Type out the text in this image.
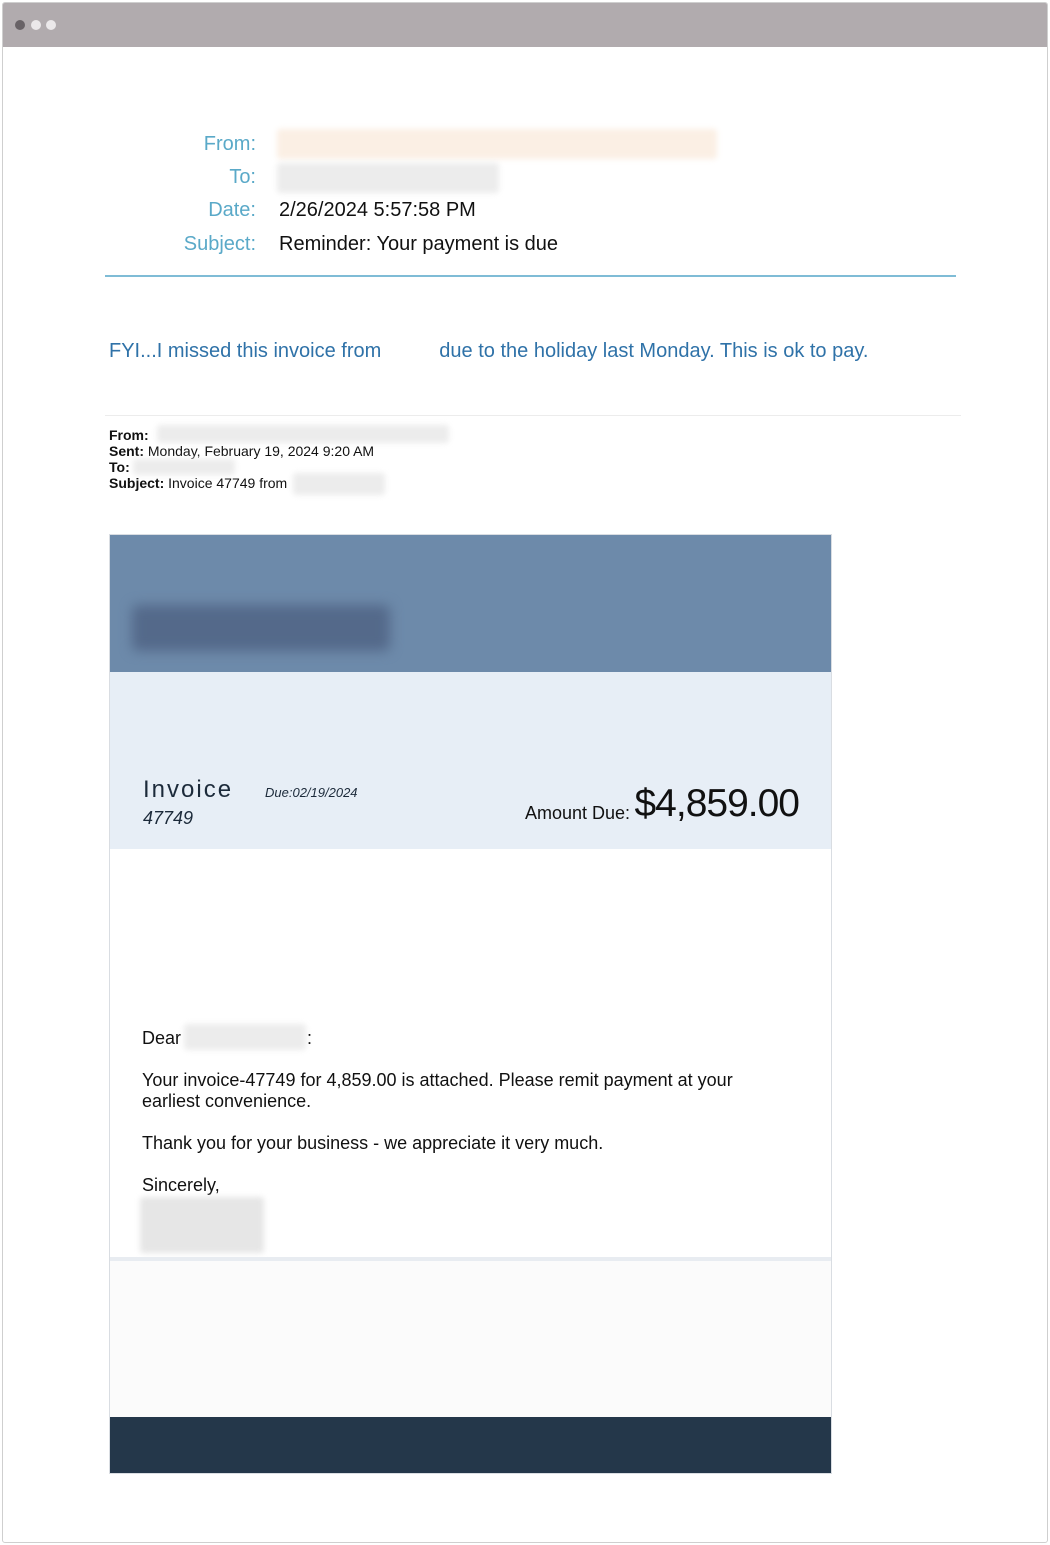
From:
To:
Date: 2/26/2024 5:57:58 PM
Subject: Reminder: Your payment is due
FYI...I missed this invoice from	due to the holiday last Monday. This is ok to pay.
From:
Sent: Monday, February 19, 2024 9:20 AM
To:
Subject: Invoice 47749 from
Invoice
47749
Due:02/19/2024
Amount Due: $4,859.00
Dear	:
Your invoice-47749 for 4,859.00 is attached. Please remit payment at your
earliest convenience.
Thank you for your business - we appreciate it very much.
Sincerely,
